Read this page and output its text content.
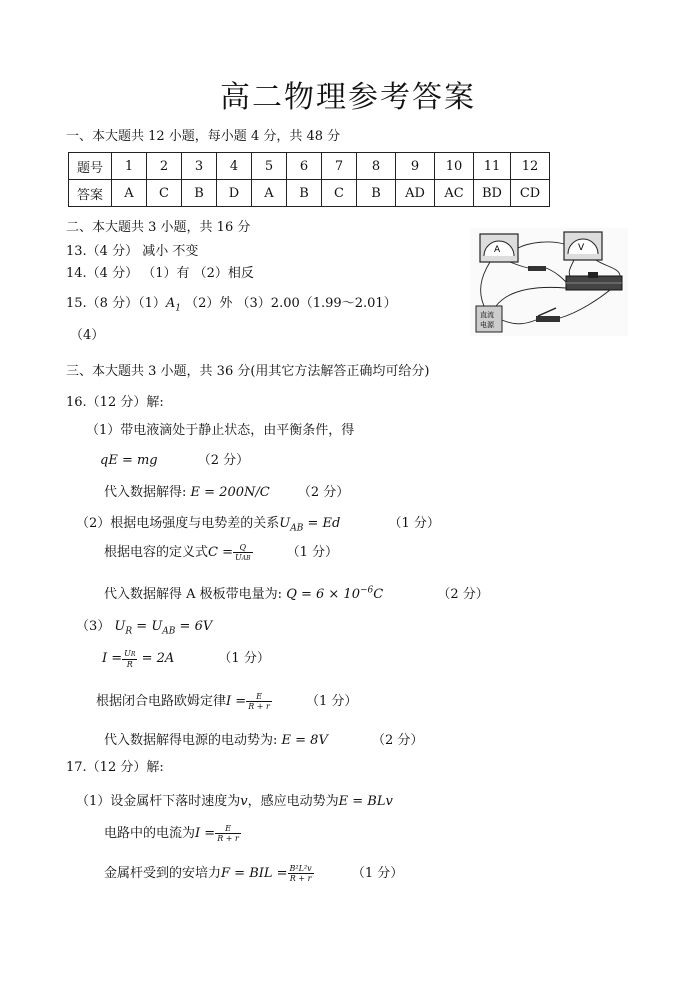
高二物理参考答案
一、本大题共 12 小题，每小题 4 分，共 48 分
题号	1	2	3	4	5	6	7	8	9	10	11	12
答案	A	C	B	D	A	B	C	B	AD	AC	BD	CD
二、本大题共 3 小题，共 16 分
13.（4 分） 减小 不变
14.（4 分） （1）有 （2）相反
15.（8 分）$(1)A_1$ （2）外 （3）2.00（1.99～2.01）
（4）
A	V
直流
电源
三、本大题共 3 小题，共 36 分(用其它方法解答正确均可给分)
16.（12 分）解:
（1）带电液滴处于静止状态，由平衡条件，得
qE = mg	（2 分）
代入数据解得: E = 200N/C （2 分）
（2）根据电场强度与电势差的关系$U_{AB} = Ed$	（1 分）
根据电容的定义式$C = \frac{Q}{\text{UAB}}$	（1 分）
代入数据解得 A 极板带电量为: $Q = 6 \times 10^{-6}C$	（2 分）
（3） $U_R = U_{AB} = 6V$
$I = \frac{UR}{R} = 2A$	（1 分）
根据闭合电路欧姆定律$I = \frac{E}{R + r}$	（1 分）
代入数据解得电源的电动势为: E = 8V	（2 分）
17.（12 分）解:
（1）设金属杆下落时速度为v，感应电动势为E = BLv
电路中的电流为$I = \frac{E}{R + r}$
金属杆受到的安培力F = BIL = $\frac{\text{B²L²v}}{R + r}$	（1 分）
